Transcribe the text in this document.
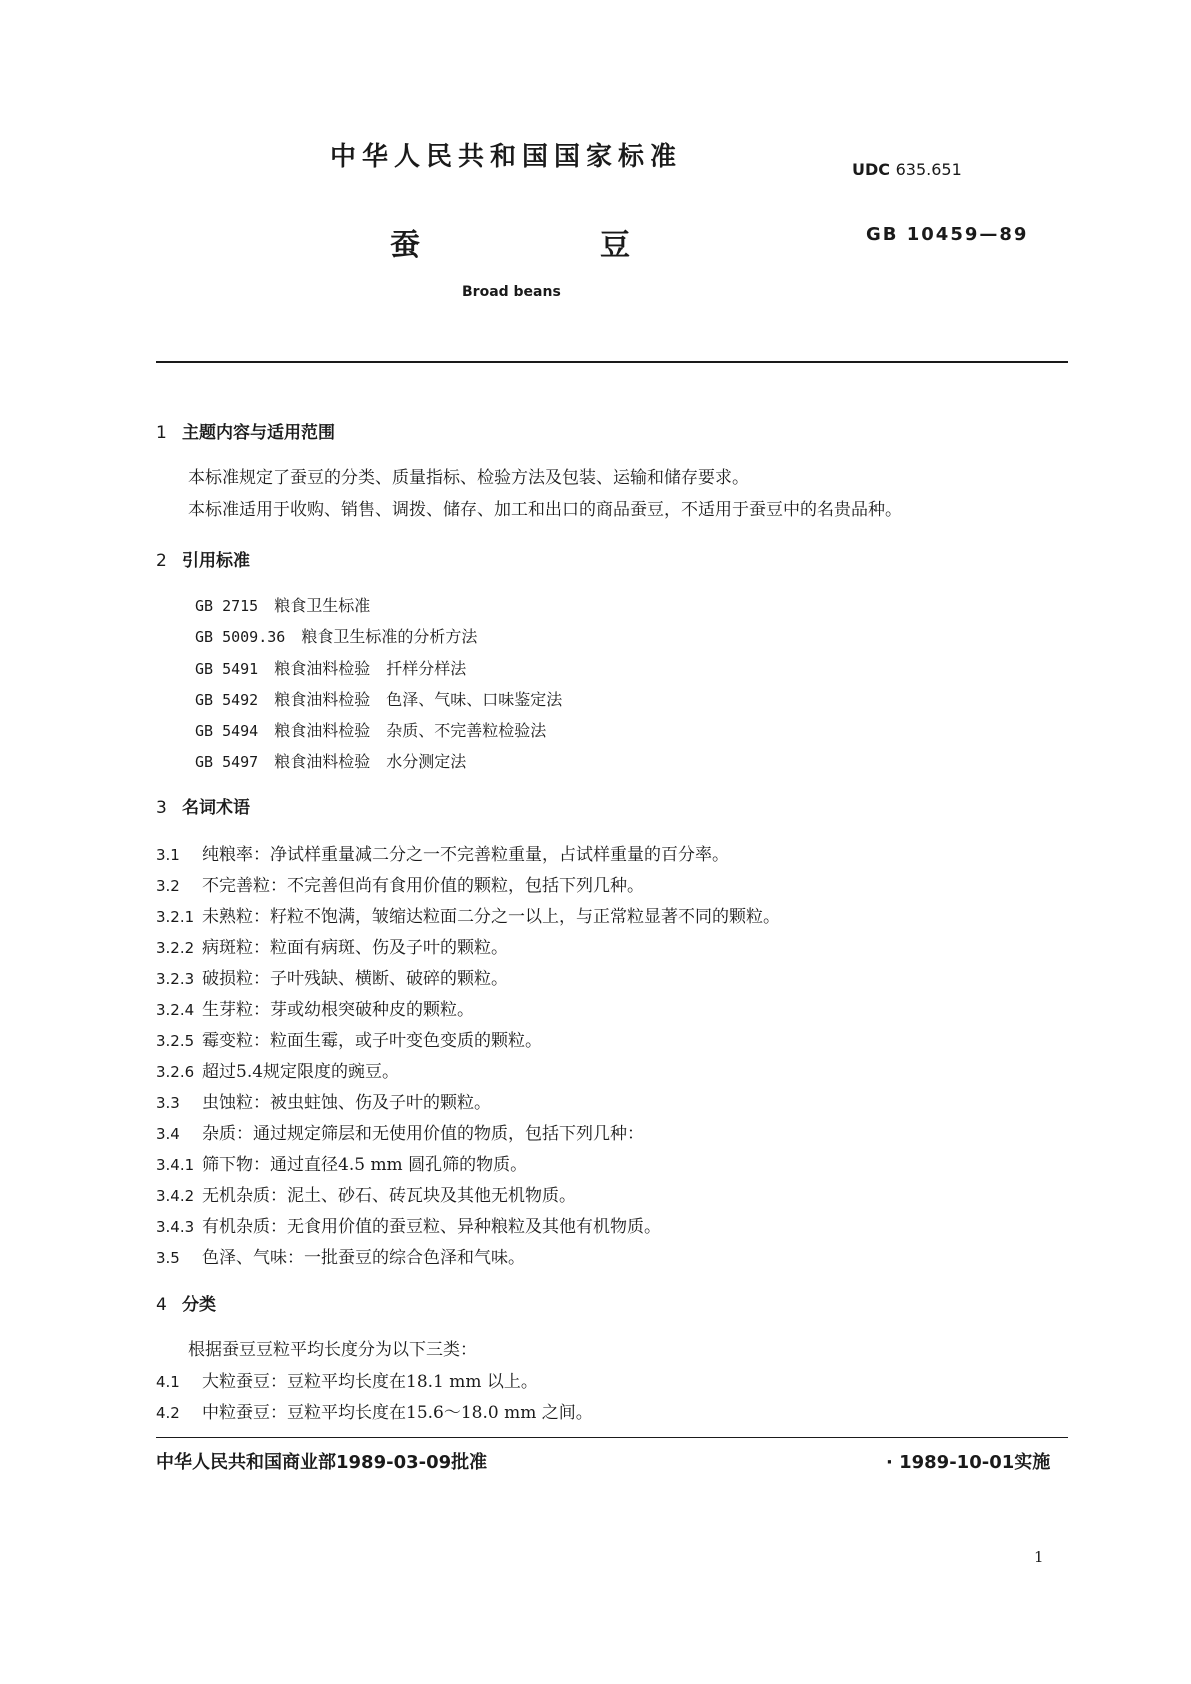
中华人民共和国国家标准	UDC 635.651
蚕	豆	GB 10459—89
Broad beans
1 主题内容与适用范围
本标准规定了蚕豆的分类、质量指标、检验方法及包装、运输和储存要求。
本标准适用于收购、销售、调拨、储存、加工和出口的商品蚕豆，不适用于蚕豆中的名贵品种。
2 引用标准
GB 2715 粮食卫生标准
GB 5009.36 粮食卫生标准的分析方法
GB 5491 粮食油料检验　扦样分样法
GB 5492 粮食油料检验　色泽、气味、口味鉴定法
GB 5494 粮食油料检验　杂质、不完善粒检验法
GB 5497 粮食油料检验　水分测定法
3 名词术语
3.1 纯粮率：净试样重量减二分之一不完善粒重量，占试样重量的百分率。
3.2 不完善粒：不完善但尚有食用价值的颗粒，包括下列几种。
3.2.1 未熟粒：籽粒不饱满，皱缩达粒面二分之一以上，与正常粒显著不同的颗粒。
3.2.2 病斑粒：粒面有病斑、伤及子叶的颗粒。
3.2.3 破损粒：子叶残缺、横断、破碎的颗粒。
3.2.4 生芽粒：芽或幼根突破种皮的颗粒。
3.2.5 霉变粒：粒面生霉，或子叶变色变质的颗粒。
3.2.6 超过5.4规定限度的豌豆。
3.3 虫蚀粒：被虫蛀蚀、伤及子叶的颗粒。
3.4 杂质：通过规定筛层和无使用价值的物质，包括下列几种：
3.4.1 筛下物：通过直径4.5 mm 圆孔筛的物质。
3.4.2 无机杂质：泥土、砂石、砖瓦块及其他无机物质。
3.4.3 有机杂质：无食用价值的蚕豆粒、异种粮粒及其他有机物质。
3.5 色泽、气味：一批蚕豆的综合色泽和气味。
4 分类
根据蚕豆豆粒平均长度分为以下三类：
4.1 大粒蚕豆：豆粒平均长度在18.1 mm 以上。
4.2 中粒蚕豆：豆粒平均长度在15.6～18.0 mm 之间。
中华人民共和国商业部1989-03-09批准	· 1989-10-01实施
1
